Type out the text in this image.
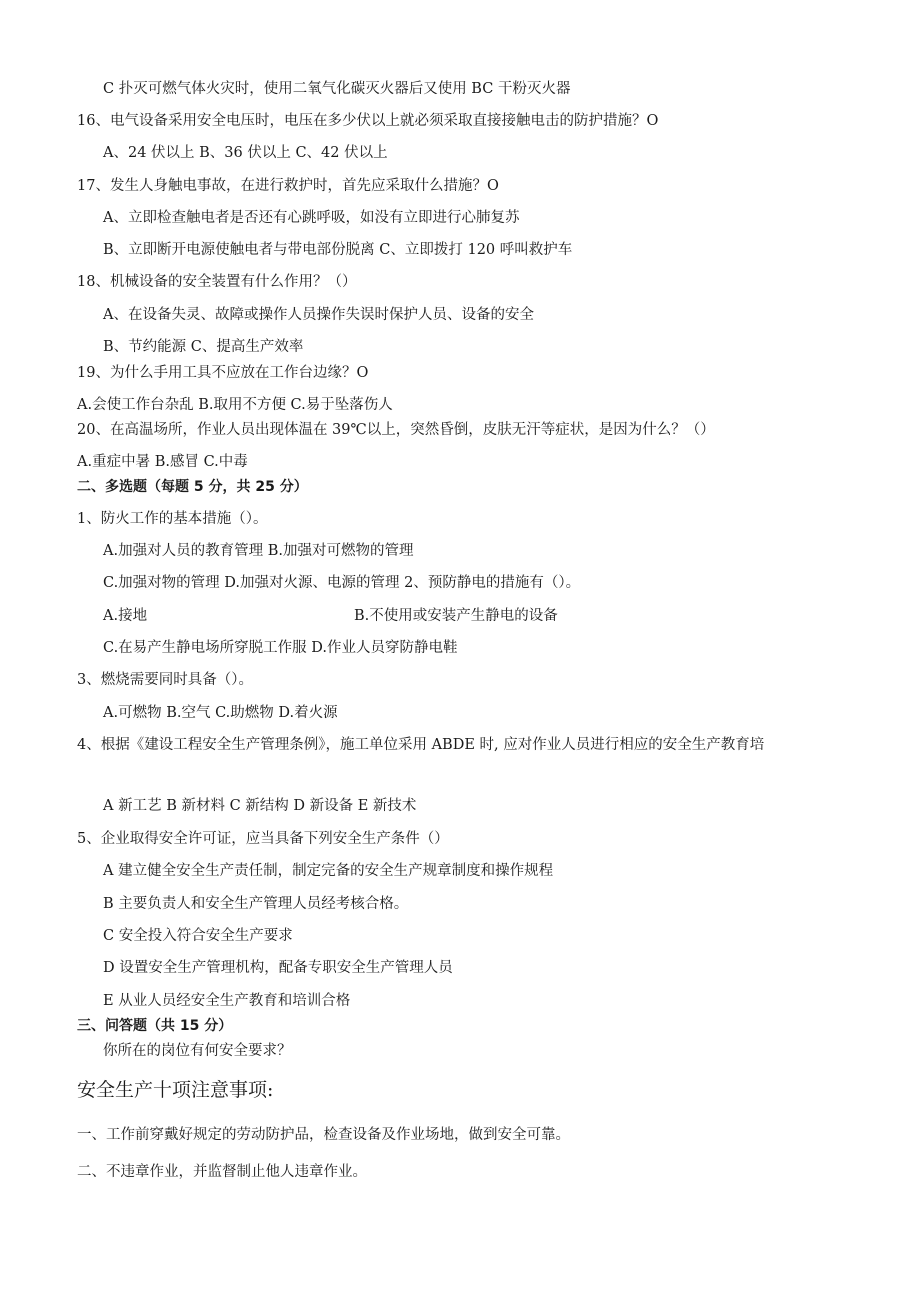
C 扑灭可燃气体火灾时，使用二氧气化碳灭火器后又使用 BC 干粉灭火器
16、电气设备采用安全电压时，电压在多少伏以上就必须采取直接接触电击的防护措施？O
A、24 伏以上 B、36 伏以上 C、42 伏以上
17、发生人身触电事故，在进行救护时，首先应采取什么措施？O
A、立即检查触电者是否还有心跳呼吸，如没有立即进行心肺复苏
B、立即断开电源使触电者与带电部份脱离 C、立即拨打 120 呼叫救护车
18、机械设备的安全装置有什么作用？（）
A、在设备失灵、故障或操作人员操作失误时保护人员、设备的安全
B、节约能源 C、提高生产效率
19、为什么手用工具不应放在工作台边缘？O
A.会使工作台杂乱 B.取用不方便 C.易于坠落伤人
20、在高温场所，作业人员出现体温在 39℃以上，突然昏倒，皮肤无汗等症状，是因为什么？（）
A.重症中暑 B.感冒 C.中毒
二、多选题（每题 5 分，共 25 分）
1、防火工作的基本措施（）。
A.加强对人员的教育管理 B.加强对可燃物的管理
C.加强对物的管理 D.加强对火源、电源的管理 2、预防静电的措施有（）。
A.接地	B.不使用或安装产生静电的设备
C.在易产生静电场所穿脱工作服 D.作业人员穿防静电鞋
3、燃烧需要同时具备（）。
A.可燃物 B.空气 C.助燃物 D.着火源
4、根据《建设工程安全生产管理条例》，施工单位采用 ABDE 时, 应对作业人员进行相应的安全生产教育培
A 新工艺 B 新材料 C 新结构 D 新设备 E 新技术
5、企业取得安全许可证，应当具备下列安全生产条件（）
A 建立健全安全生产责任制，制定完备的安全生产规章制度和操作规程
B 主要负责人和安全生产管理人员经考核合格。
C 安全投入符合安全生产要求
D 设置安全生产管理机构，配备专职安全生产管理人员
E 从业人员经安全生产教育和培训合格
三、问答题（共 15 分）
你所在的岗位有何安全要求？
安全生产十项注意事项:
一、工作前穿戴好规定的劳动防护品，检查设备及作业场地，做到安全可靠。
二、不违章作业，并监督制止他人违章作业。
